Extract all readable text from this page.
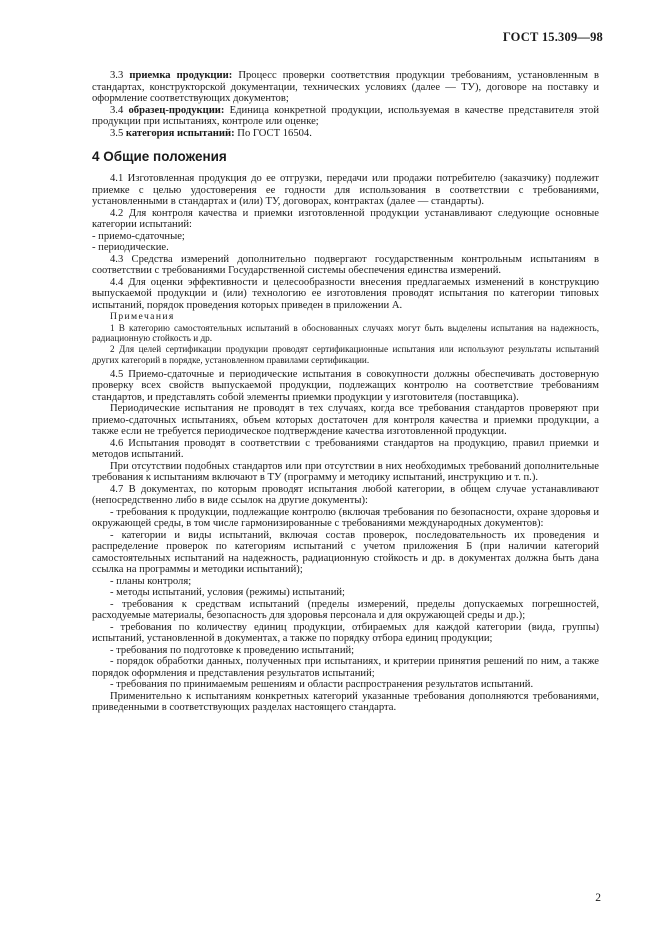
ГОСТ 15.309—98

3.3 приемка продукции: Процесс проверки соответствия продукции требованиям, установленным в стандартах, конструкторской документации, технических условиях (далее — ТУ), договоре на поставку и оформление соответствующих документов;

3.4 образец-продукции: Единица конкретной продукции, используемая в качестве представителя этой продукции при испытаниях, контроле или оценке;

3.5 категория испытаний: По ГОСТ 16504.

4 Общие положения

4.1 Изготовленная продукция до ее отгрузки, передачи или продажи потребителю (заказчику) подлежит приемке с целью удостоверения ее годности для использования в соответствии с требованиями, установленными в стандартах и (или) ТУ, договорах, контрактах (далее — стандарты).

4.2 Для контроля качества и приемки изготовленной продукции устанавливают следующие основные категории испытаний:

- приемо-сдаточные;

- периодические.

4.3 Средства измерений дополнительно подвергают государственным контрольным испытаниям в соответствии с требованиями Государственной системы обеспечения единства измерений.

4.4 Для оценки эффективности и целесообразности внесения предлагаемых изменений в конструкцию выпускаемой продукции и (или) технологию ее изготовления проводят испытания по категории типовых испытаний, порядок проведения которых приведен в приложении А.

Примечания

1 В категорию самостоятельных испытаний в обоснованных случаях могут быть выделены испытания на надежность, радиационную стойкость и др.

2 Для целей сертификации продукции проводят сертификационные испытания или используют результаты испытаний других категорий в порядке, установленном правилами сертификации.

4.5 Приемо-сдаточные и периодические испытания в совокупности должны обеспечивать достоверную проверку всех свойств выпускаемой продукции, подлежащих контролю на соответствие требованиям стандартов, и представлять собой элементы приемки продукции у изготовителя (поставщика).

Периодические испытания не проводят в тех случаях, когда все требования стандартов проверяют при приемо-сдаточных испытаниях, объем которых достаточен для контроля качества и приемки продукции, а также если не требуется периодическое подтверждение качества изготовленной продукции.

4.6 Испытания проводят в соответствии с требованиями стандартов на продукцию, правил приемки и методов испытаний.

При отсутствии подобных стандартов или при отсутствии в них необходимых требований дополнительные требования к испытаниям включают в ТУ (программу и методику испытаний, инструкцию и т. п.).

4.7 В документах, по которым проводят испытания любой категории, в общем случае устанавливают (непосредственно либо в виде ссылок на другие документы):

- требования к продукции, подлежащие контролю (включая требования по безопасности, охране здоровья и окружающей среды, в том числе гармонизированные с требованиями международных документов):

- категории и виды испытаний, включая состав проверок, последовательность их проведения и распределение проверок по категориям испытаний с учетом приложения Б (при наличии категорий самостоятельных испытаний на надежность, радиационную стойкость и др. в документах должна быть дана ссылка на программы и методики испытаний);

- планы контроля;

- методы испытаний, условия (режимы) испытаний;

- требования к средствам испытаний (пределы измерений, пределы допускаемых погрешностей, расходуемые материалы, безопасность для здоровья персонала и для окружающей среды и др.);

- требования по количеству единиц продукции, отбираемых для каждой категории (вида, группы) испытаний, установленной в документах, а также по порядку отбора единиц продукции;

- требования по подготовке к проведению испытаний;

- порядок обработки данных, полученных при испытаниях, и критерии принятия решений по ним, а также порядок оформления и представления результатов испытаний;

- требования по принимаемым решениям и области распространения результатов испытаний.

Применительно к испытаниям конкретных категорий указанные требования дополняются требованиями, приведенными в соответствующих разделах настоящего стандарта.

2
